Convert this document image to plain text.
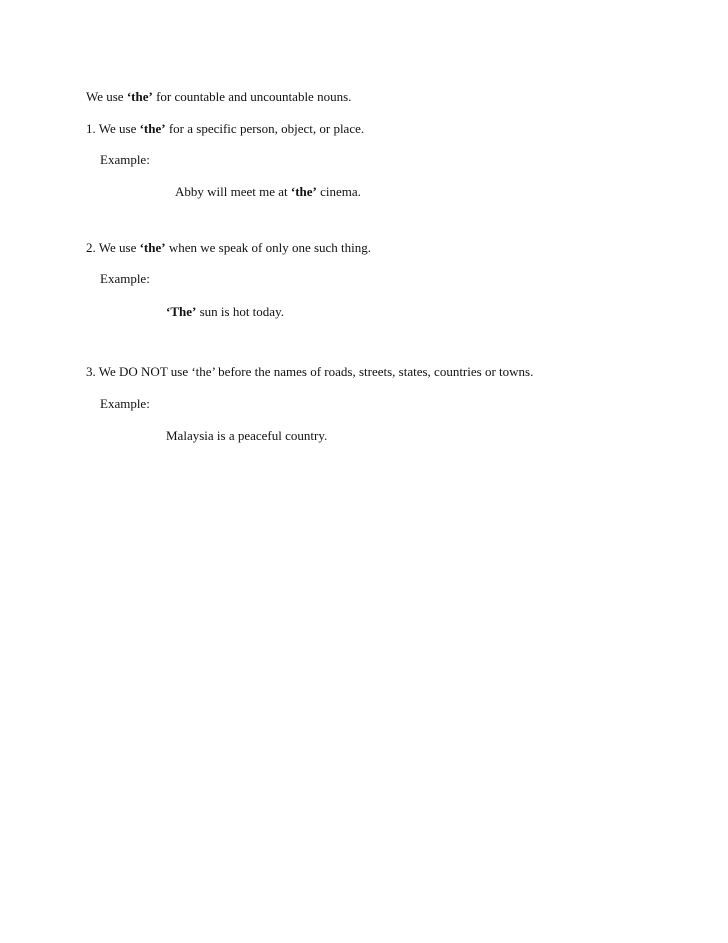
We use ‘the’ for countable and uncountable nouns.
1. We use ‘the’ for a specific person, object, or place.
Example:
Abby will meet me at ‘the’ cinema.
2. We use ‘the’ when we speak of only one such thing.
Example:
‘The’ sun is hot today.
3. We DO NOT use ‘the’ before the names of roads, streets, states, countries or towns.
Example:
Malaysia is a peaceful country.
